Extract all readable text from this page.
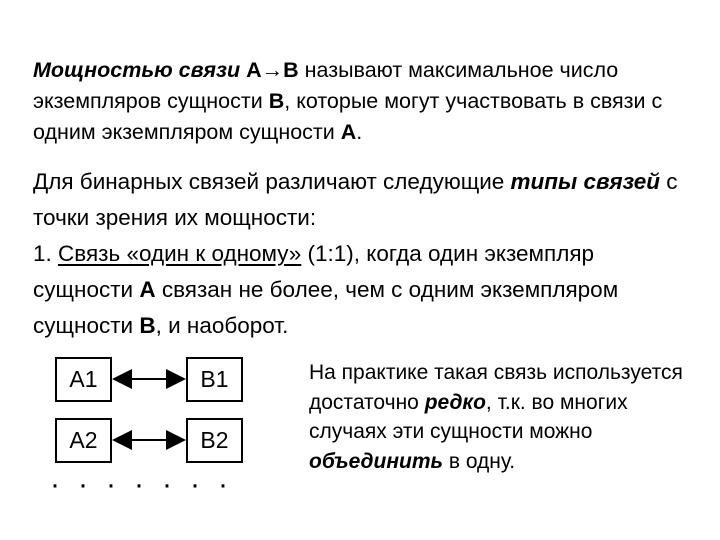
Мощностью связи А→В называют максимальное число экземпляров сущности В, которые могут участвовать в связи с одним экземпляром сущности А.
Для бинарных связей различают следующие типы связей с точки зрения их мощности:
1. Связь «один к одному» (1:1), когда один экземпляр сущности А связан не более, чем с одним экземпляром сущности В, и наоборот.
А1	В1
А2	В2
·······
На практике такая связь используется достаточно редко, т.к. во многих случаях эти сущности можно объединить в одну.
